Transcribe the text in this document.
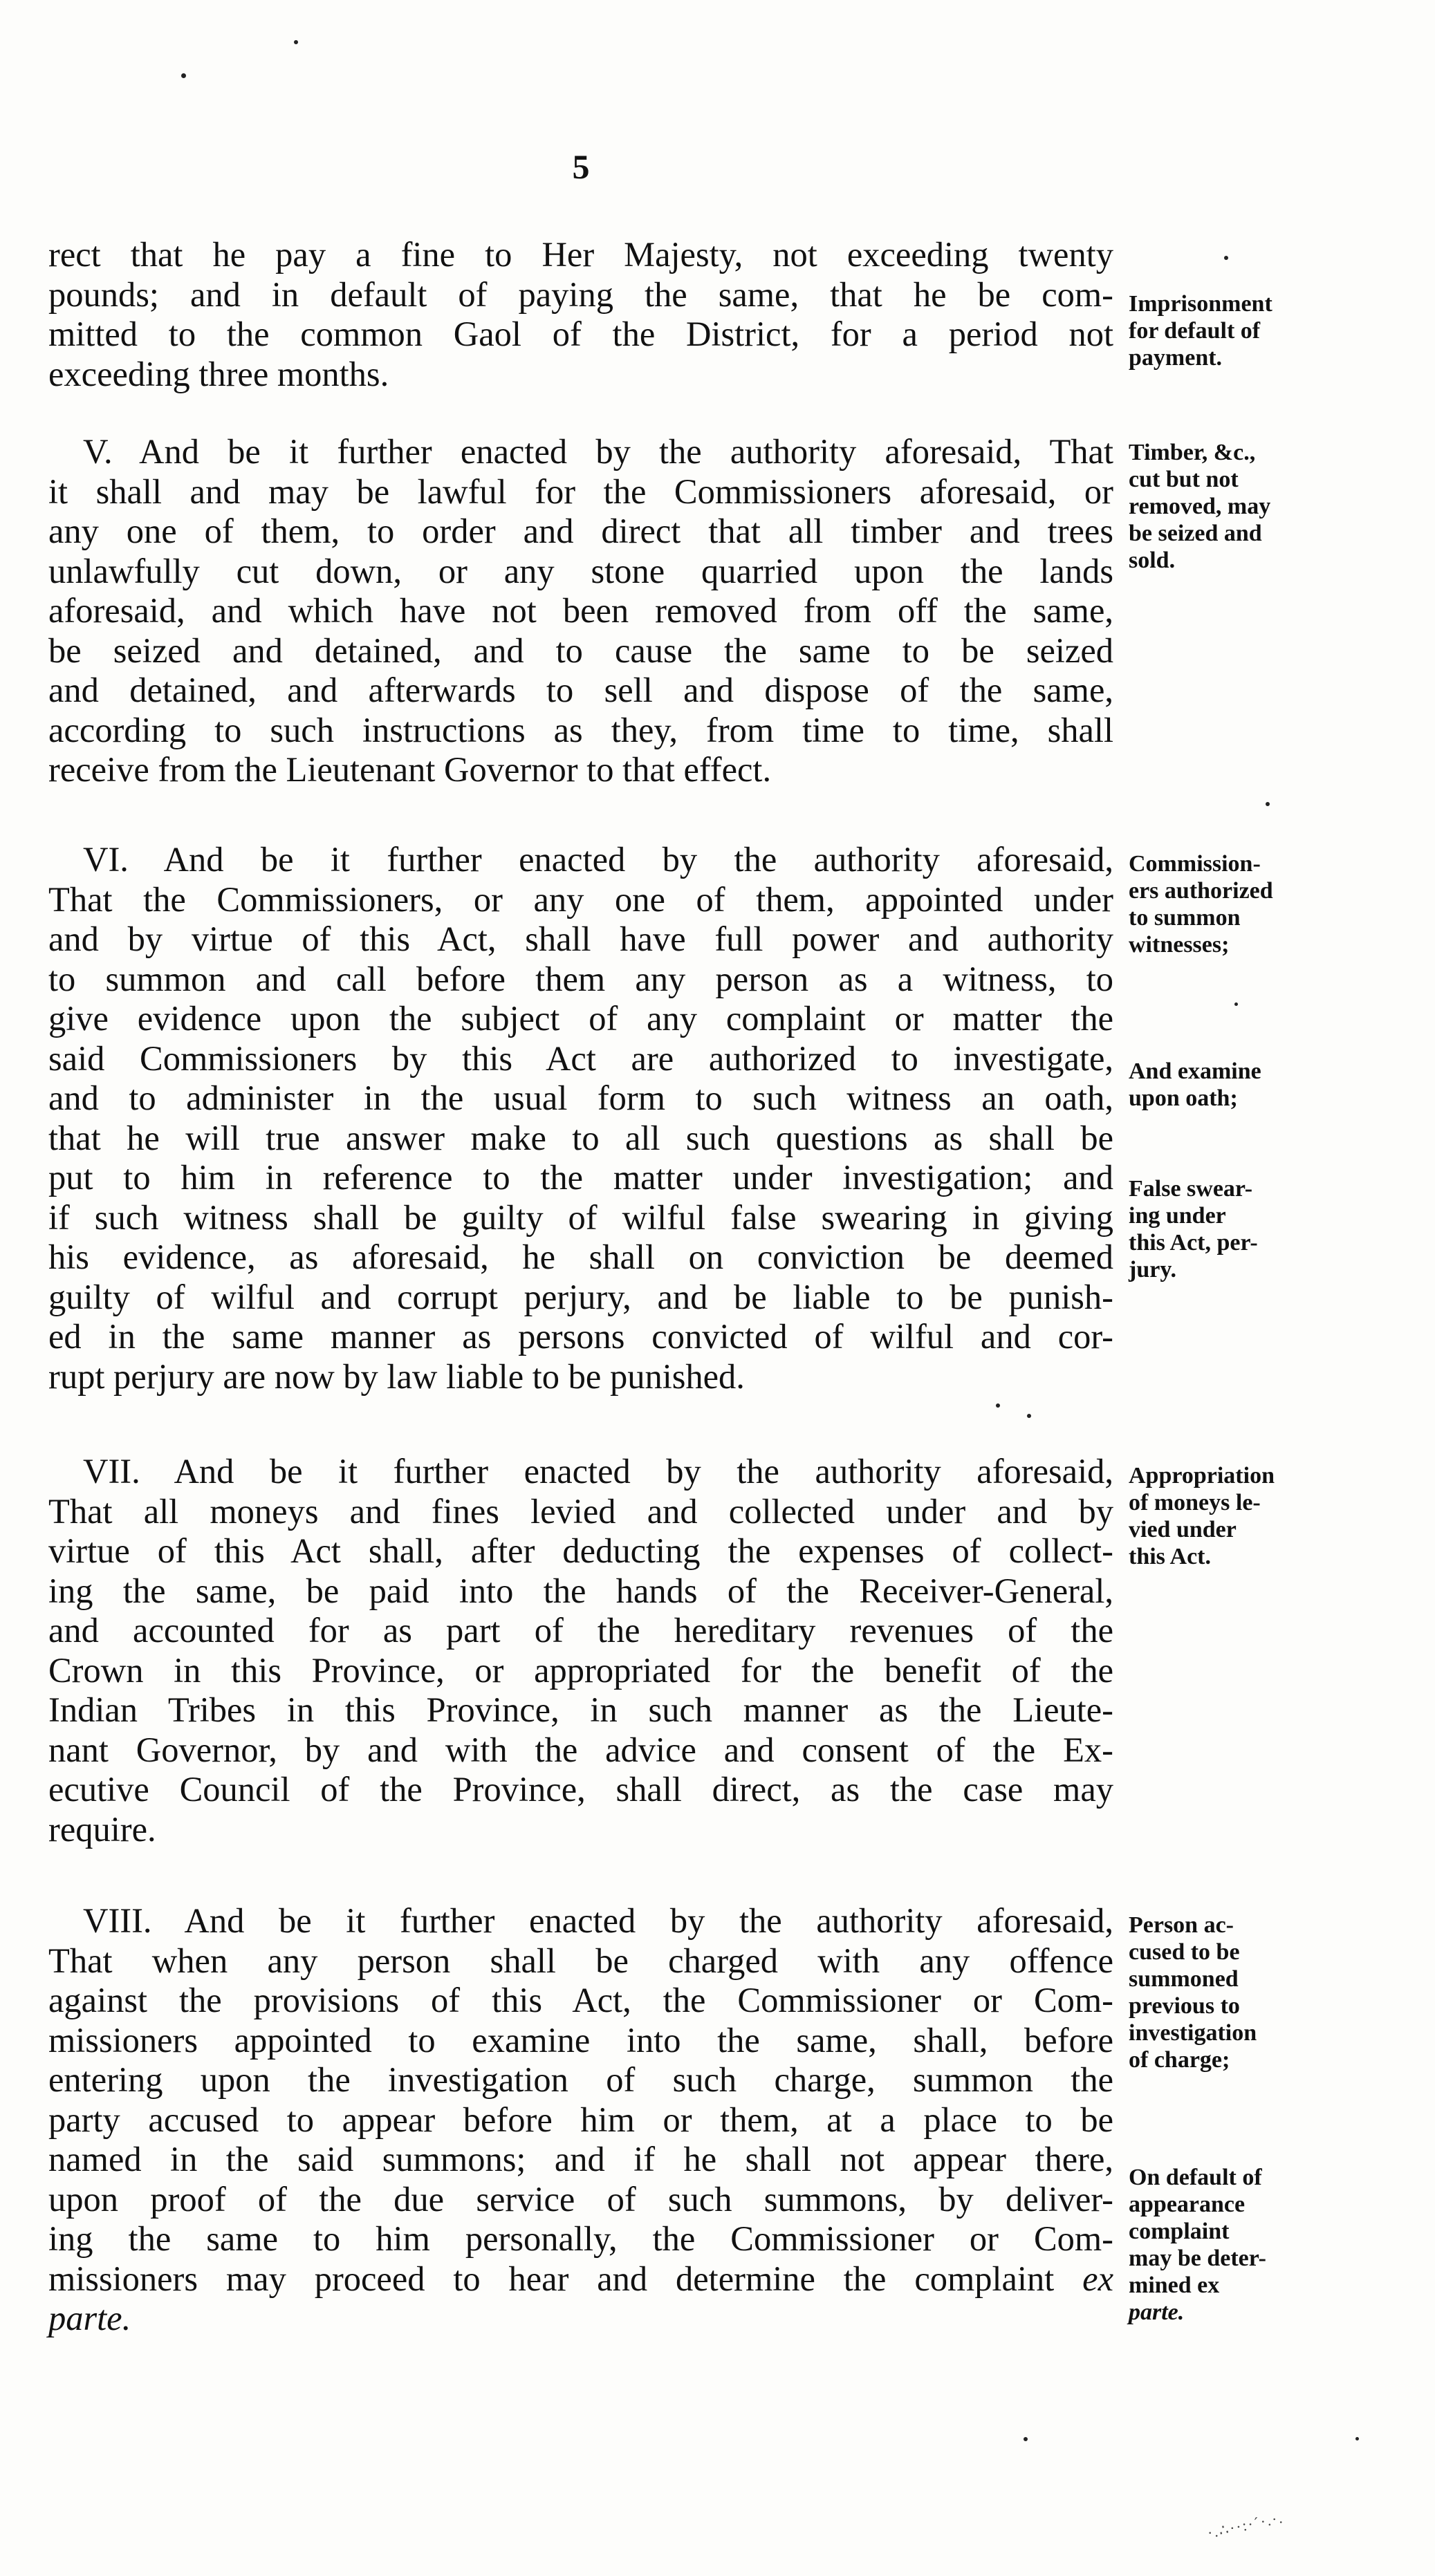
5
rect that he pay a fine to Her Majesty, not exceeding twenty
pounds; and in default of paying the same, that he be com-
mitted to the common Gaol of the District, for a period not
exceeding three months.
Imprisonment
for default of
payment.
V. And be it further enacted by the authority aforesaid, That
it shall and may be lawful for the Commissioners aforesaid, or
any one of them, to order and direct that all timber and trees
unlawfully cut down, or any stone quarried upon the lands
aforesaid, and which have not been removed from off the same,
be seized and detained, and to cause the same to be seized
and detained, and afterwards to sell and dispose of the same,
according to such instructions as they, from time to time, shall
receive from the Lieutenant Governor to that effect.
Timber, &c.,
cut but not
removed, may
be seized and
sold.
VI. And be it further enacted by the authority aforesaid,
That the Commissioners, or any one of them, appointed under
and by virtue of this Act, shall have full power and authority
to summon and call before them any person as a witness, to
give evidence upon the subject of any complaint or matter the
said Commissioners by this Act are authorized to investigate,
and to administer in the usual form to such witness an oath,
that he will true answer make to all such questions as shall be
put to him in reference to the matter under investigation; and
if such witness shall be guilty of wilful false swearing in giving
his evidence, as aforesaid, he shall on conviction be deemed
guilty of wilful and corrupt perjury, and be liable to be punish-
ed in the same manner as persons convicted of wilful and cor-
rupt perjury are now by law liable to be punished.
Commission-
ers authorized
to summon
witnesses;
And examine
upon oath;
False swear-
ing under
this Act, per-
jury.
VII. And be it further enacted by the authority aforesaid,
That all moneys and fines levied and collected under and by
virtue of this Act shall, after deducting the expenses of collect-
ing the same, be paid into the hands of the Receiver-General,
and accounted for as part of the hereditary revenues of the
Crown in this Province, or appropriated for the benefit of the
Indian Tribes in this Province, in such manner as the Lieute-
nant Governor, by and with the advice and consent of the Ex-
ecutive Council of the Province, shall direct, as the case may
require.
Appropriation
of moneys le-
vied under
this Act.
VIII. And be it further enacted by the authority aforesaid,
That when any person shall be charged with any offence
against the provisions of this Act, the Commissioner or Com-
missioners appointed to examine into the same, shall, before
entering upon the investigation of such charge, summon the
party accused to appear before him or them, at a place to be
named in the said summons; and if he shall not appear there,
upon proof of the due service of such summons, by deliver-
ing the same to him personally, the Commissioner or Com-
missioners may proceed to hear and determine the complaint ex
parte.
Person ac-
cused to be
summoned
previous to
investigation
of charge;
On default of
appearance
complaint
may be deter-
mined ex
parte.
·.∴··:·´·.·.
